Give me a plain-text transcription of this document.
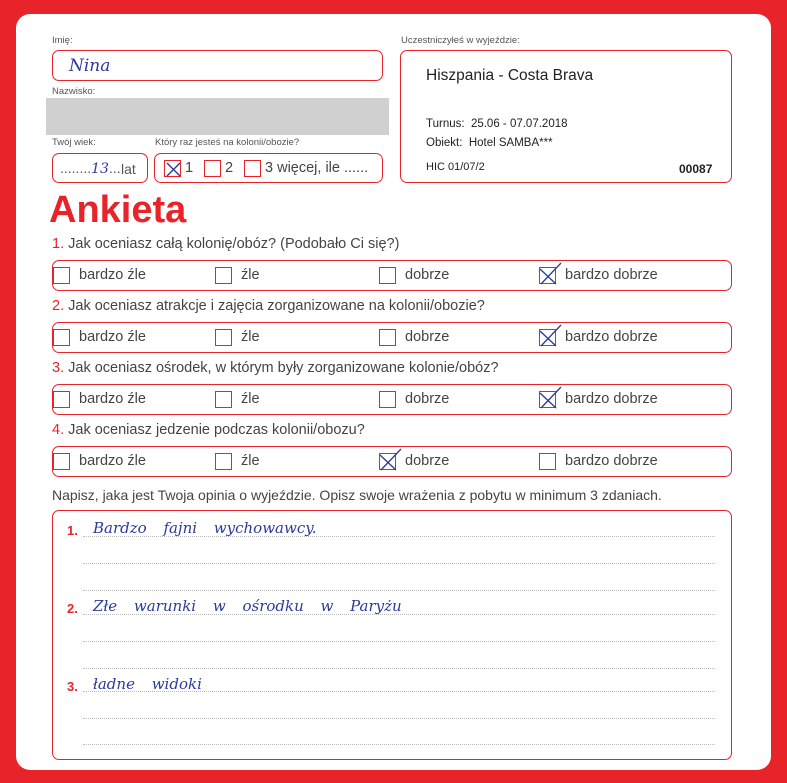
Imię:
Nina
Nazwisko:
Twój wiek:
........13... lat
Który raz jesteś na kolonii/obozie?
1 2 3 więcej, ile ......
Uczestniczyłeś w wyjeździe:
Hiszpania - Costa Brava
Turnus:  25.06 - 07.07.2018
Obiekt:  Hotel SAMBA***
HIC 01/07/2	00087
Ankieta
1. Jak oceniasz całą kolonię/obóz? (Podobało Ci się?)
bardzo źle	źle	dobrze	bardzo dobrze
2. Jak oceniasz atrakcje i zajęcia zorganizowane na kolonii/obozie?
bardzo źle	źle	dobrze	bardzo dobrze
3. Jak oceniasz ośrodek, w którym były zorganizowane kolonie/obóz?
bardzo źle	źle	dobrze	bardzo dobrze
4. Jak oceniasz jedzenie podczas kolonii/obozu?
bardzo źle	źle	dobrze	bardzo dobrze
Napisz, jaka jest Twoja opinia o wyjeździe. Opisz swoje wrażenia z pobytu w minimum 3 zdaniach.
1. Bardzo fajni wychowawcy.
2. Złe warunki w ośrodku w Paryżu
3. ładne widoki
